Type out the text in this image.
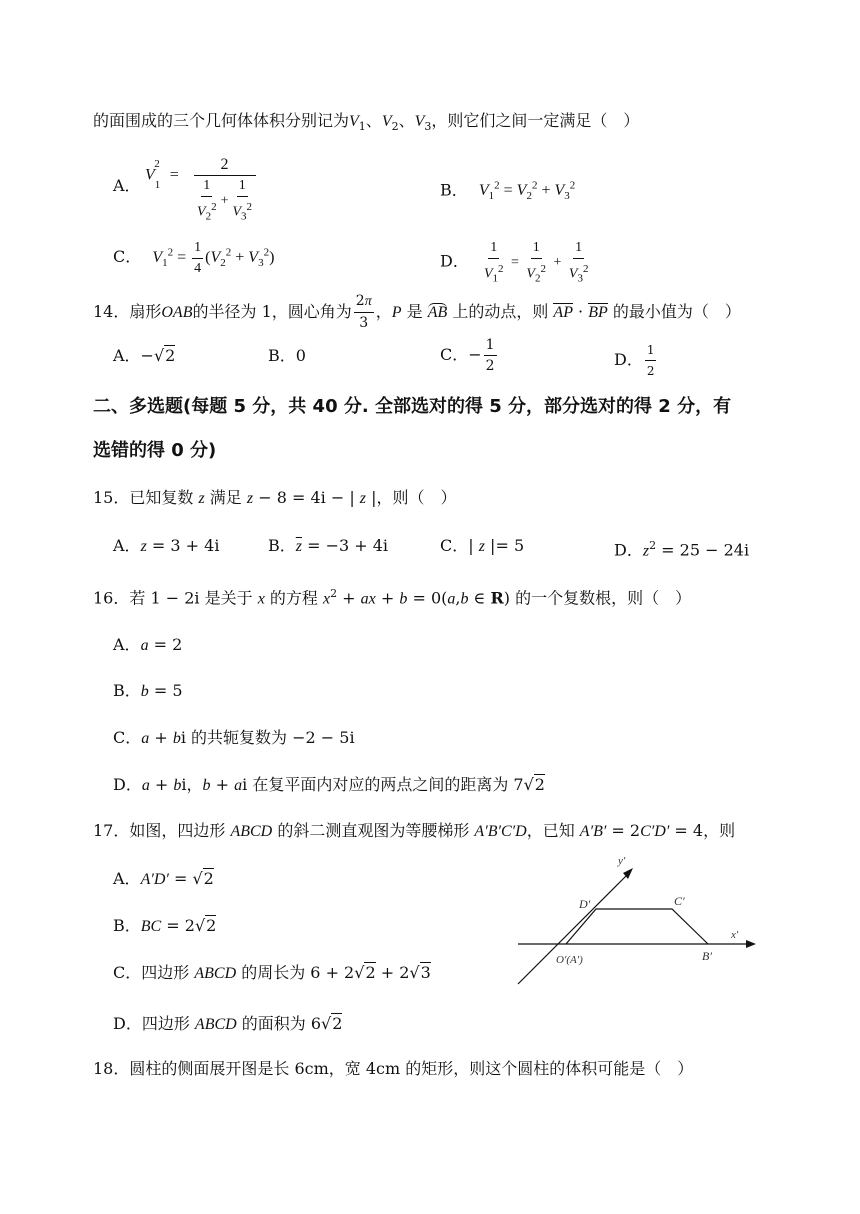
的面围成的三个几何体体积分别记为$V_1$、$V_2$、$V_3$，则它们之间一定满足（　）
A．
$V_1^2$ =
2
$\frac{1}{V_2^2} + \frac{1}{V_3^2}$	B． $V_1^2 = V_2^2 + V_3^2$
C． $V_1^2 = \frac{1}{4} (V_2^2 + V_3^2)$	D． $\frac{1}{V_1^2} = \frac{1}{V_2^2} + \frac{1}{V_3^2}$
14．扇形OAB的半径为 1，圆心角为 $\frac{2\pi}{3}$ ，P 是 AB 上的动点，则 AP · BP 的最小值为（　）
A．−√2	B．0	C．− $\frac{1}{2}$	D． $\frac{1}{2}$
二、多选题(每题 5 分，共 40 分. 全部选对的得 5 分，部分选对的得 2 分，有
选错的得 0 分)
15．已知复数 z 满足 z − 8 = 4i − | z |，则（　）
A．z = 3 + 4i	B．$\overline{z} = -3 + 4i$	C．| z |= 5	D．$z^2 = 25 - 24i$
16．若 1 − 2i 是关于 x 的方程 $x^2$ + ax + b = 0(a,b ∈ R) 的一个复数根，则（　）
A．a = 2
B．b = 5
C．a + bi 的共轭复数为 −2 − 5i
D．a + bi，b + ai 在复平面内对应的两点之间的距离为 7√2
17．如图，四边形 ABCD 的斜二测直观图为等腰梯形 A′B′C′D，已知 A′B′ = 2C′D′ = 4，则
A．A′D′ = √2
B．BC = 2√2
C．四边形 ABCD 的周长为 6 + 2√2 + 2√3
D．四边形 ABCD 的面积为 6√2
y′
x′
D′	C′
B′
O′(A′)
18．圆柱的侧面展开图是长 6cm，宽 4cm 的矩形，则这个圆柱的体积可能是（　）
